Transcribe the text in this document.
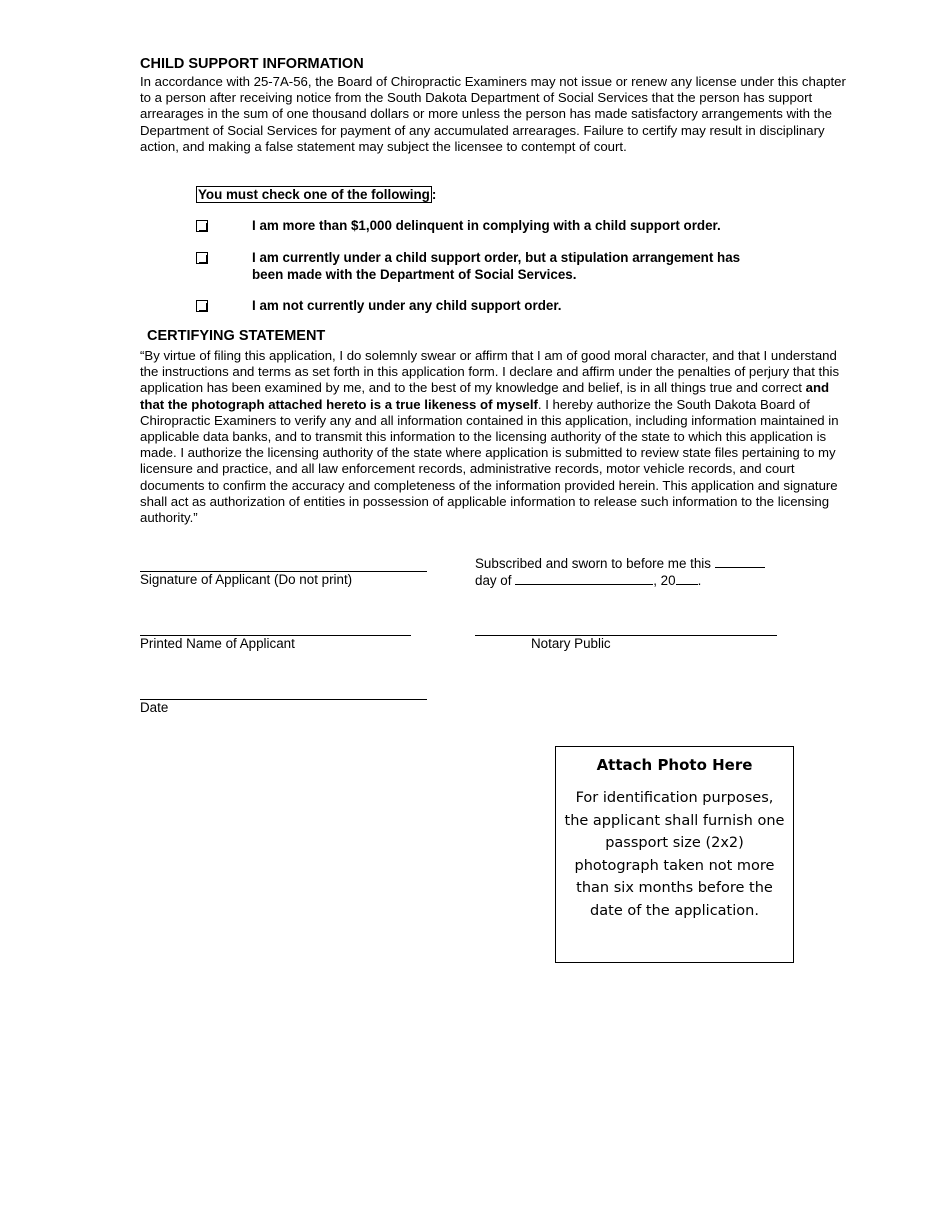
CHILD SUPPORT INFORMATION
In accordance with 25-7A-56, the Board of Chiropractic Examiners may not issue or renew any license under this chapter to a person after receiving notice from the South Dakota Department of Social Services that the person has support arrearages in the sum of one thousand dollars or more unless the person has made satisfactory arrangements with the Department of Social Services for payment of any accumulated arrearages. Failure to certify may result in disciplinary action, and making a false statement may subject the licensee to contempt of court.
You must check one of the following :
I am more than $1,000 delinquent in complying with a child support order.
I am currently under a child support order, but a stipulation arrangement has been made with the Department of Social Services.
I am not currently under any child support order.
CERTIFYING STATEMENT
“By virtue of filing this application, I do solemnly swear or affirm that I am of good moral character, and that I understand the instructions and terms as set forth in this application form. I declare and affirm under the penalties of perjury that this application has been examined by me, and to the best of my knowledge and belief, is in all things true and correct and that the photograph attached hereto is a true likeness of myself. I hereby authorize the South Dakota Board of Chiropractic Examiners to verify any and all information contained in this application, including information maintained in applicable data banks, and to transmit this information to the licensing authority of the state to which this application is made. I authorize the licensing authority of the state where application is submitted to review state files pertaining to my licensure and practice, and all law enforcement records, administrative records, motor vehicle records, and court documents to confirm the accuracy and completeness of the information provided herein. This application and signature shall act as authorization of entities in possession of applicable information to release such information to the licensing authority.”
Signature of Applicant (Do not print)
Subscribed and sworn to before me this
day of	, 20 .
Printed Name of Applicant	Notary Public
Date
Attach Photo Here
For identification purposes, the applicant shall furnish one passport size (2x2) photograph taken not more than six months before the date of the application.
